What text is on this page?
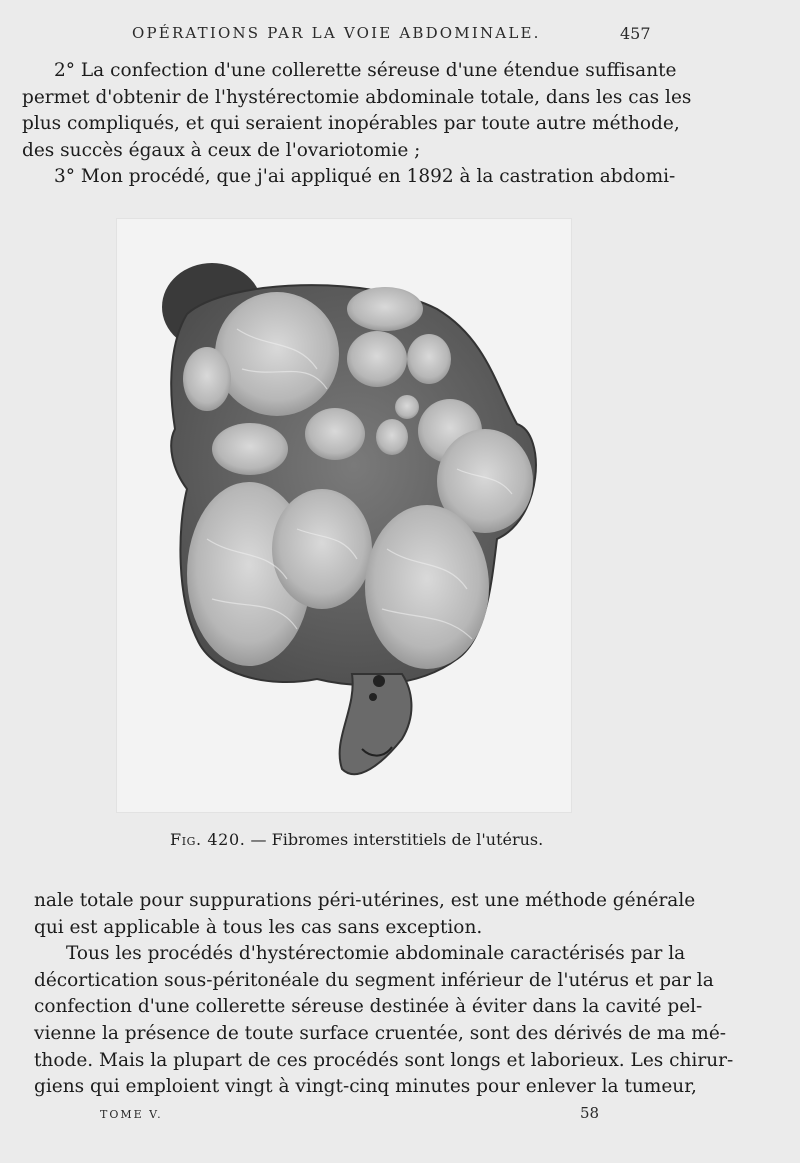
OPÉRATIONS PAR LA VOIE ABDOMINALE.	457
2° La confection d'une collerette séreuse d'une étendue suffisante
permet d'obtenir de l'hystérectomie abdominale totale, dans les cas les
plus compliqués, et qui seraient inopérables par toute autre méthode,
des succès égaux à ceux de l'ovariotomie ;
3° Mon procédé, que j'ai appliqué en 1892 à la castration abdomi-
Fig. 420. — Fibromes interstitiels de l'utérus.
nale totale pour suppurations péri-utérines, est une méthode générale
qui est applicable à tous les cas sans exception.
Tous les procédés d'hystérectomie abdominale caractérisés par la
décortication sous-péritonéale du segment inférieur de l'utérus et par la
confection d'une collerette séreuse destinée à éviter dans la cavité pel-
vienne la présence de toute surface cruentée, sont des dérivés de ma mé-
thode. Mais la plupart de ces procédés sont longs et laborieux. Les chirur-
giens qui emploient vingt à vingt-cinq minutes pour enlever la tumeur,
TOME V.	58
